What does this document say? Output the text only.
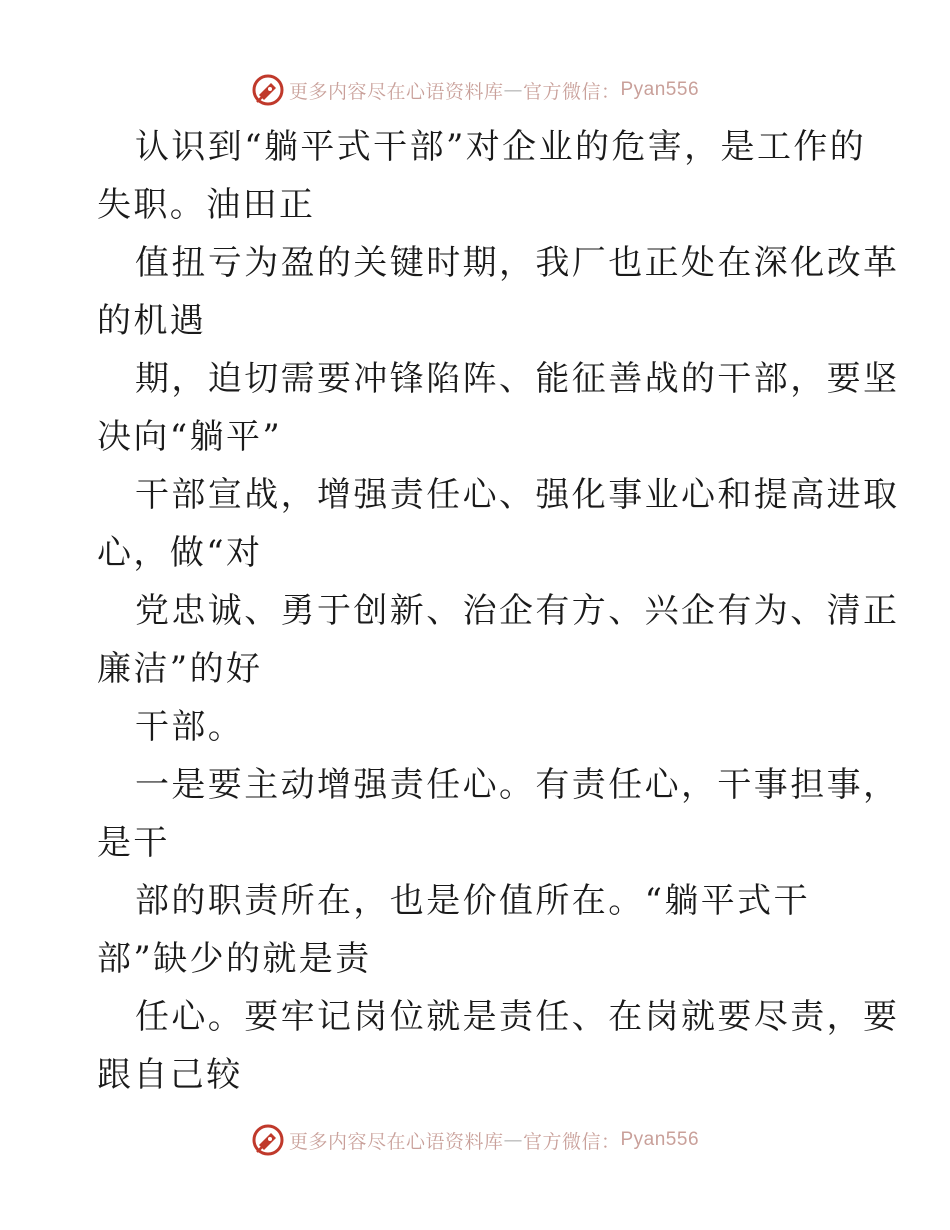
更多内容尽在心语资料库 — 官方微信： Pyan556
认识到“躺平式干部”对企业的危害，是工作的
失职。油田正
值扭亏为盈的关键时期，我厂也正处在深化改革
的机遇
期，迫切需要冲锋陷阵、能征善战的干部，要坚
决向“躺平”
干部宣战，增强责任心、强化事业心和提高进取
心，做“对
党忠诚、勇于创新、治企有方、兴企有为、清正
廉洁”的好
干部。
一是要主动增强责任心。有责任心，干事担事，
是干
部的职责所在，也是价值所在。“躺平式干
部”缺少的就是责
任心。要牢记岗位就是责任、在岗就要尽责，要
跟自己较
更多内容尽在心语资料库 — 官方微信： Pyan556
